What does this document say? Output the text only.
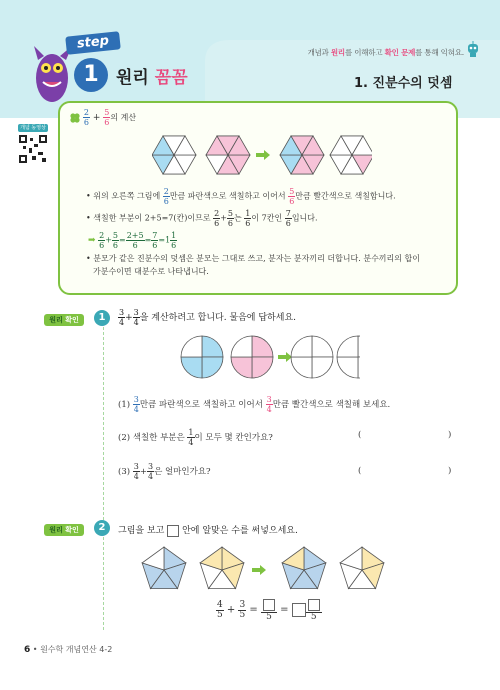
step
1	원리 꼼꼼
개념과 원리를 이해하고 확인 문제를 통해 익혀요.
1. 진분수의 덧셈
개념 동영상

$\frac{2}{6} + \frac{5}{6}$ 의 계산
• 위의 오른쪽 그림에 $\frac{2}{6}$ 만큼 파란색으로 색칠하고 이어서 $\frac{5}{6}$ 만큼 빨간색으로 색칠합니다.
• 색칠한 부분이 2+5=7(칸)이므로 $\frac{2}{6} + \frac{5}{6}$ 는 $\frac{1}{6}$ 이 7칸인 $\frac{7}{6}$ 입니다.
➡ $\frac{2}{6} + \frac{5}{6} = \frac{2+5}{6} = \frac{7}{6} =1 \frac{1}{6}$
• 분모가 같은 진분수의 덧셈은 분모는 그대로 쓰고, 분자는 분자끼리 더합니다. 분수끼리의 합이
가분수이면 대분수로 나타냅니다.
원리 확인	1	$\frac{3}{4} + \frac{3}{4}$ 을 계산하려고 합니다. 물음에 답하세요.
$(1) \frac{3}{4}$ 만큼 파란색으로 색칠하고 이어서 $\frac{3}{4}$ 만큼 빨간색으로 색칠해 보세요.
(2) 색칠한 부분은 $\frac{1}{4}$ 이 모두 몇 칸인가요?	(	)
$(3) \frac{3}{4} + \frac{3}{4}$ 은 얼마인가요?	(	)
원리 확인	2	그림을 보고  안에 알맞은 수를 써넣으세요.
$\frac{4}{5} + \frac{3}{5}$ =
5
=
5
6 • 원수학 개념연산 4-2
